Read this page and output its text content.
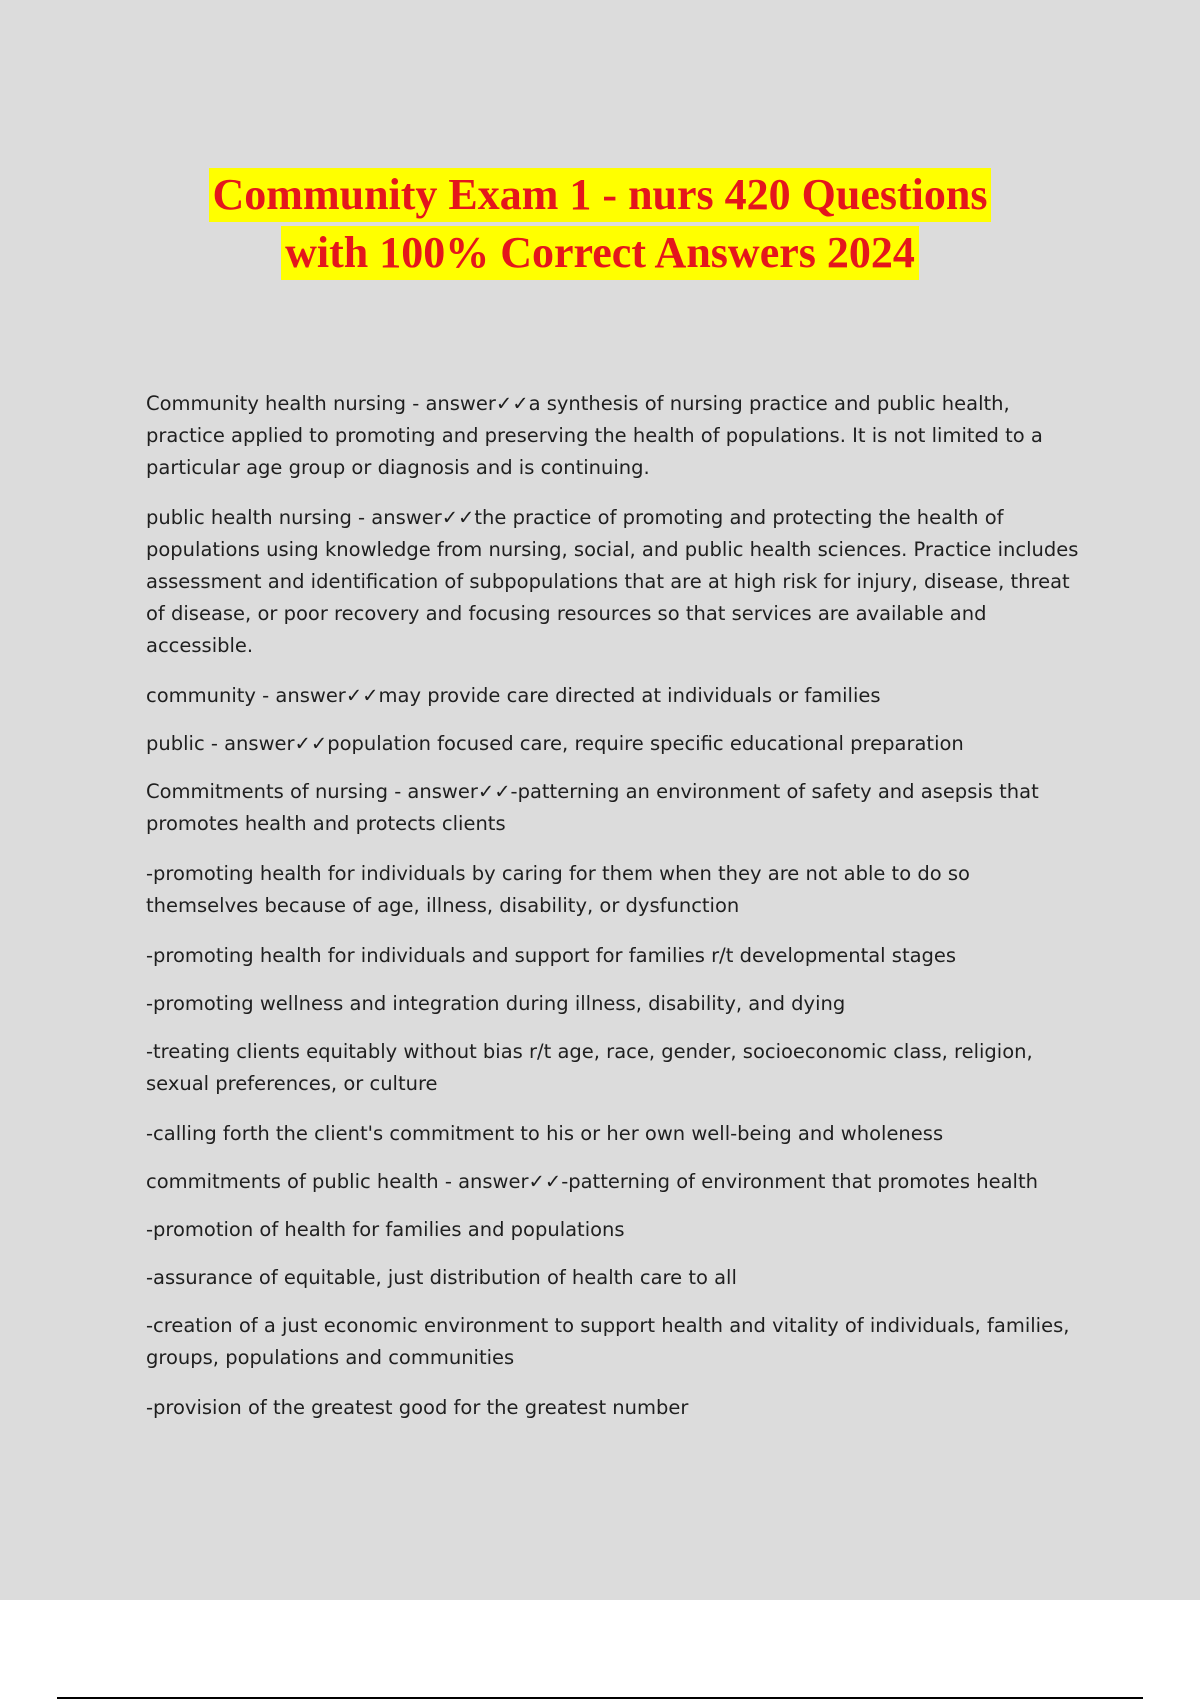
Community Exam 1 - nurs 420 Questions
with 100% Correct Answers 2024

Community health nursing - answer✓✓a synthesis of nursing practice and public health, practice applied to promoting and preserving the health of populations. It is not limited to a particular age group or diagnosis and is continuing.

public health nursing - answer✓✓the practice of promoting and protecting the health of populations using knowledge from nursing, social, and public health sciences. Practice includes assessment and identification of subpopulations that are at high risk for injury, disease, threat of disease, or poor recovery and focusing resources so that services are available and accessible.

community - answer✓✓may provide care directed at individuals or families

public - answer✓✓population focused care, require specific educational preparation

Commitments of nursing - answer✓✓-patterning an environment of safety and asepsis that promotes health and protects clients

-promoting health for individuals by caring for them when they are not able to do so themselves because of age, illness, disability, or dysfunction

-promoting health for individuals and support for families r/t developmental stages

-promoting wellness and integration during illness, disability, and dying

-treating clients equitably without bias r/t age, race, gender, socioeconomic class, religion, sexual preferences, or culture

-calling forth the client's commitment to his or her own well-being and wholeness

commitments of public health - answer✓✓-patterning of environment that promotes health

-promotion of health for families and populations

-assurance of equitable, just distribution of health care to all

-creation of a just economic environment to support health and vitality of individuals, families, groups, populations and communities

-provision of the greatest good for the greatest number
